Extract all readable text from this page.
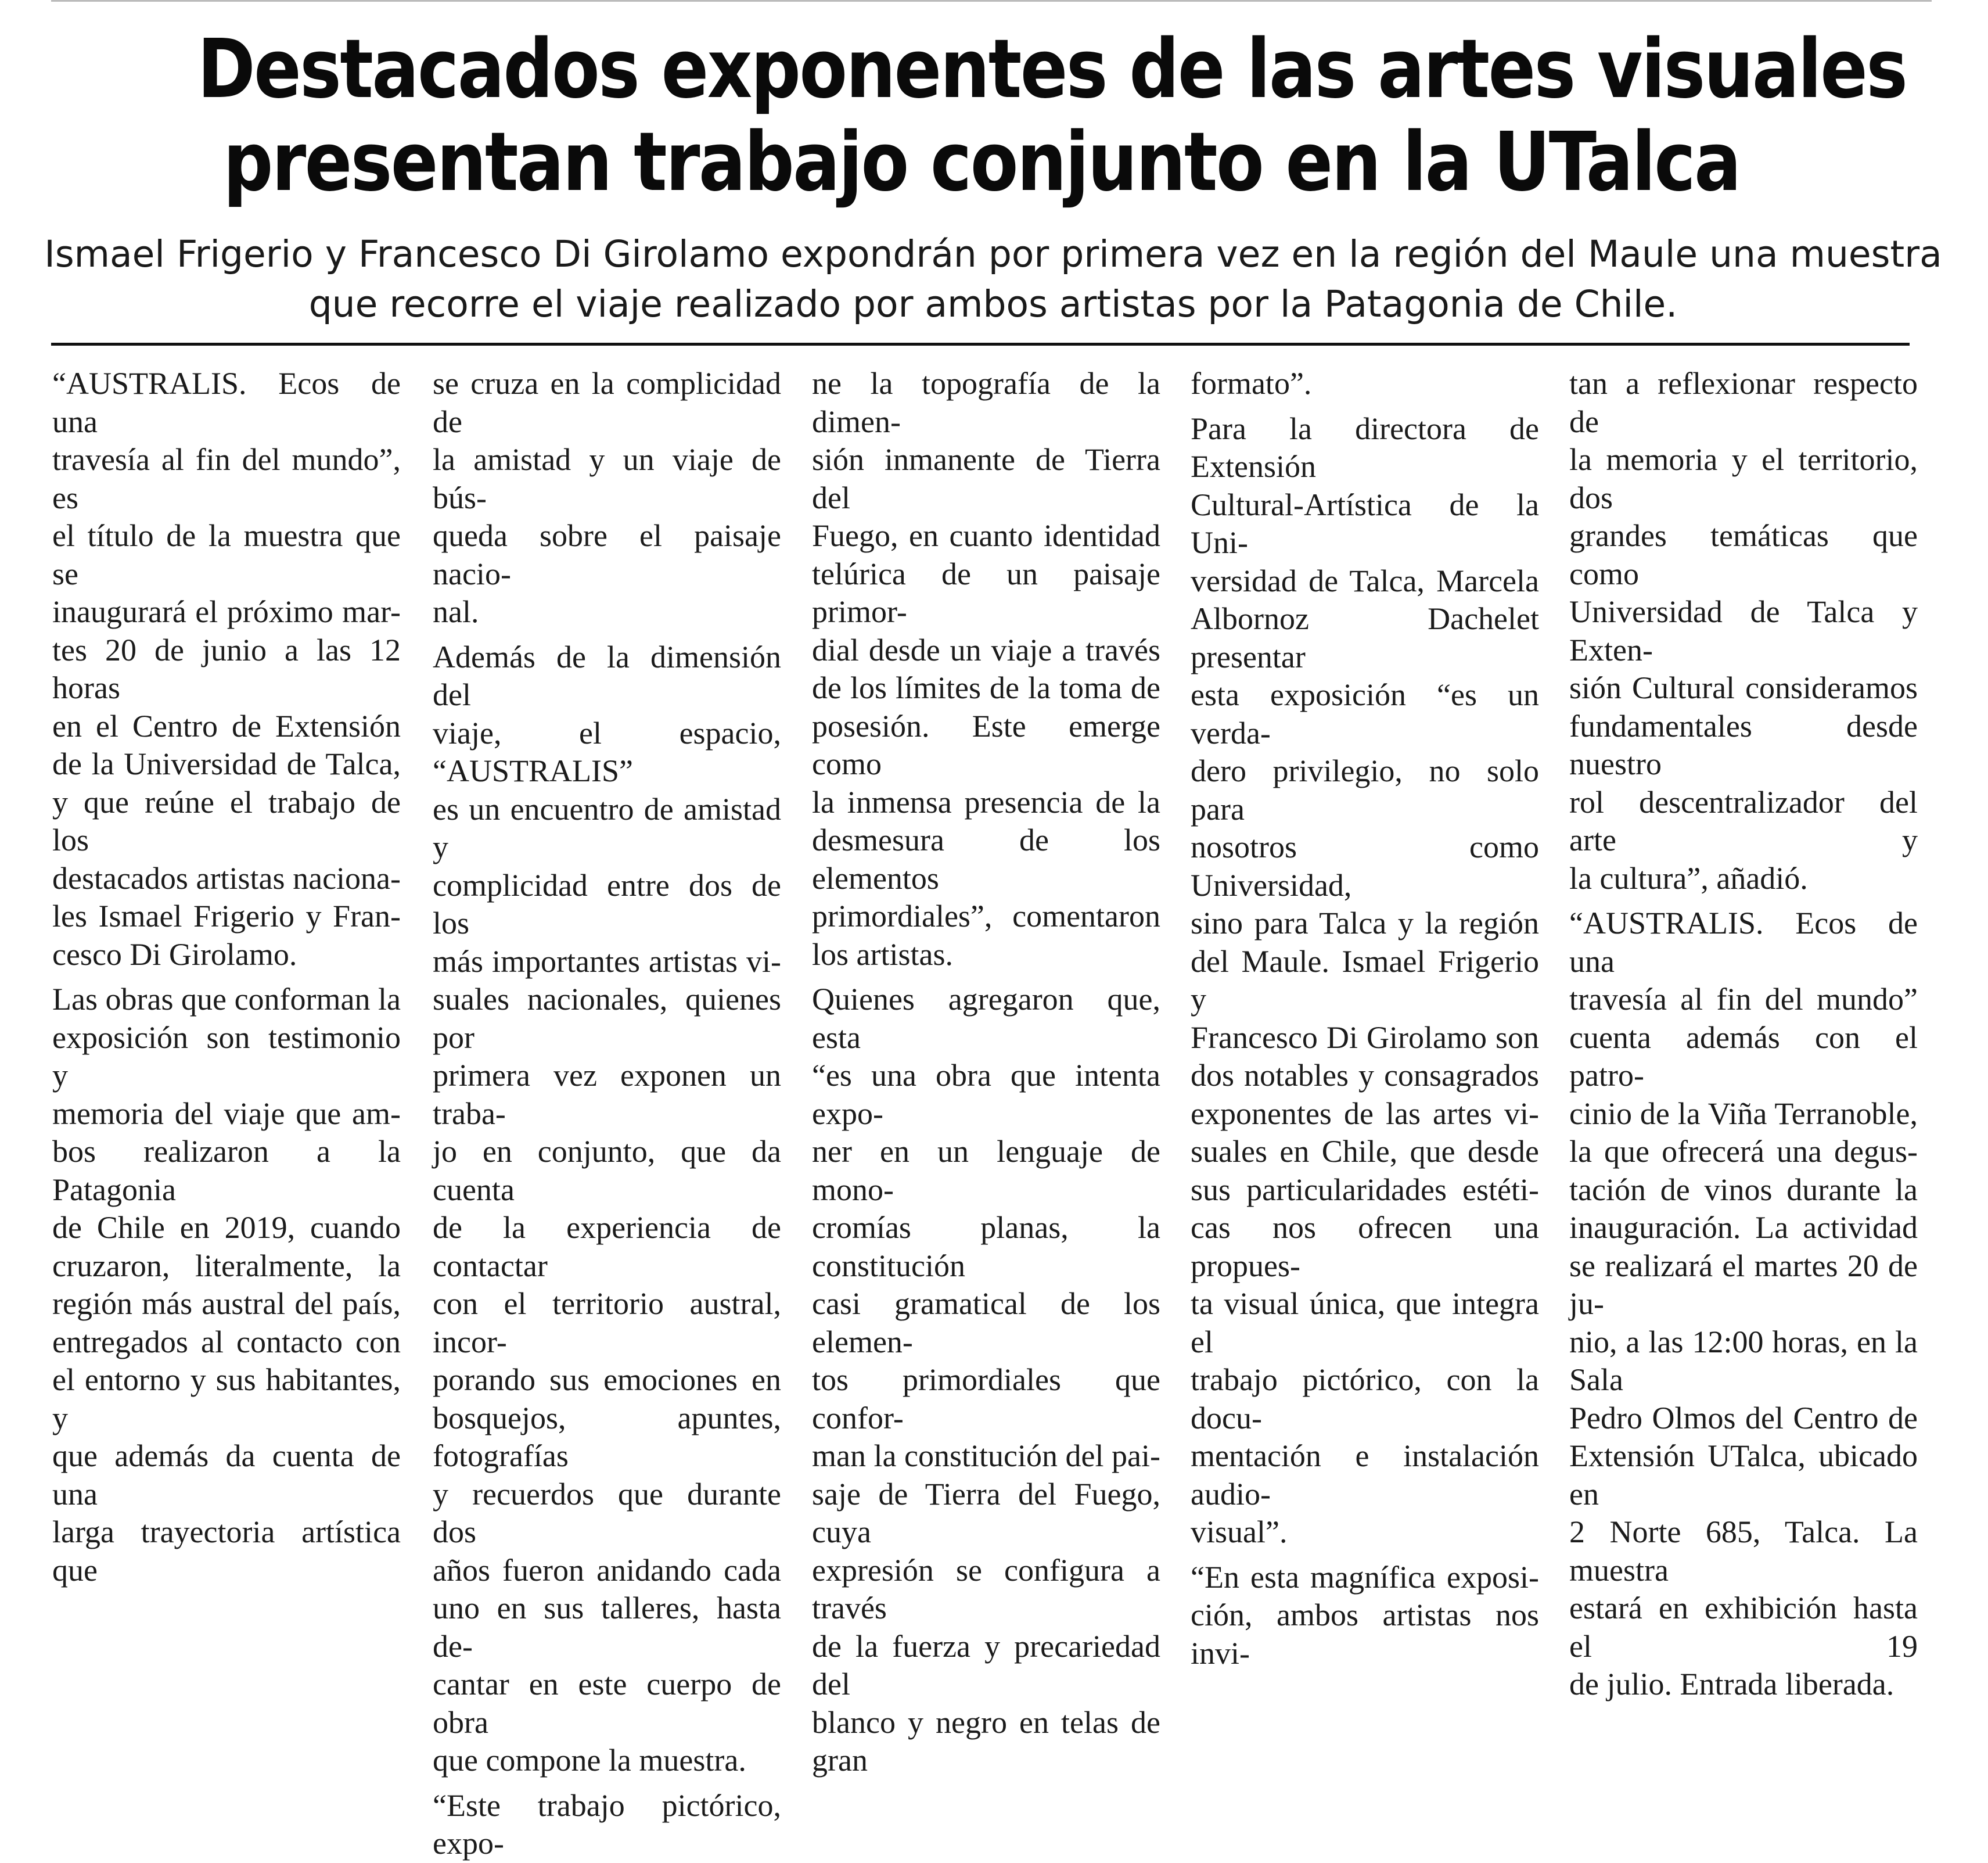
Destacados exponentes de las artes visuales
presentan trabajo conjunto en la UTalca
Ismael Frigerio y Francesco Di Girolamo expondrán por primera vez en la región del Maule una muestra
que recorre el viaje realizado por ambos artistas por la Patagonia de Chile.

“AUSTRALIS. Ecos de una

travesía al fin del mundo”, es

el título de la muestra que se

inaugurará el próximo mar-

tes 20 de junio a las 12 horas

en el Centro de Extensión

de la Universidad de Talca,

y que reúne el trabajo de los

destacados artistas naciona-

les Ismael Frigerio y Fran-

cesco Di Girolamo.

Las obras que conforman la

exposición son testimonio y

memoria del viaje que am-

bos realizaron a la Patagonia

de Chile en 2019, cuando

cruzaron, literalmente, la

región más austral del país,

entregados al contacto con

el entorno y sus habitantes, y

que además da cuenta de una

larga trayectoria artística que

se cruza en la complicidad de

la amistad y un viaje de bús-

queda sobre el paisaje nacio-

nal.

Además de la dimensión del

viaje, el espacio, “AUSTRALIS”

es un encuentro de amistad y

complicidad entre dos de los

más importantes artistas vi-

suales nacionales, quienes por

primera vez exponen un traba-

jo en conjunto, que da cuenta

de la experiencia de contactar

con el territorio austral, incor-

porando sus emociones en

bosquejos, apuntes, fotografías

y recuerdos que durante dos

años fueron anidando cada

uno en sus talleres, hasta de-

cantar en este cuerpo de obra

que compone la muestra.

“Este trabajo pictórico, expo-

ne la topografía de la dimen-

sión inmanente de Tierra del

Fuego, en cuanto identidad

telúrica de un paisaje primor-

dial desde un viaje a través

de los límites de la toma de

posesión. Este emerge como

la inmensa presencia de la

desmesura de los elementos

primordiales”, comentaron

los artistas.

Quienes agregaron que, esta

“es una obra que intenta expo-

ner en un lenguaje de mono-

cromías planas, la constitución

casi gramatical de los elemen-

tos primordiales que confor-

man la constitución del pai-

saje de Tierra del Fuego, cuya

expresión se configura a través

de la fuerza y precariedad del

blanco y negro en telas de gran

formato”.

Para la directora de Extensión

Cultural-Artística de la Uni-

versidad de Talca, Marcela

Albornoz Dachelet presentar

esta exposición “es un verda-

dero privilegio, no solo para

nosotros como Universidad,

sino para Talca y la región

del Maule. Ismael Frigerio y

Francesco Di Girolamo son

dos notables y consagrados

exponentes de las artes vi-

suales en Chile, que desde

sus particularidades estéti-

cas nos ofrecen una propues-

ta visual única, que integra el

trabajo pictórico, con la docu-

mentación e instalación audio-

visual”.

“En esta magnífica exposi-

ción, ambos artistas nos invi-

tan a reflexionar respecto de

la memoria y el territorio, dos

grandes temáticas que como

Universidad de Talca y Exten-

sión Cultural consideramos

fundamentales desde nuestro

rol descentralizador del arte y

la cultura”, añadió.

“AUSTRALIS. Ecos de una

travesía al fin del mundo”

cuenta además con el patro-

cinio de la Viña Terranoble,

la que ofrecerá una degus-

tación de vinos durante la

inauguración. La actividad

se realizará el martes 20 de ju-

nio, a las 12:00 horas, en la Sala

Pedro Olmos del Centro de

Extensión UTalca, ubicado en

2 Norte 685, Talca. La muestra

estará en exhibición hasta el 19

de julio. Entrada liberada.
